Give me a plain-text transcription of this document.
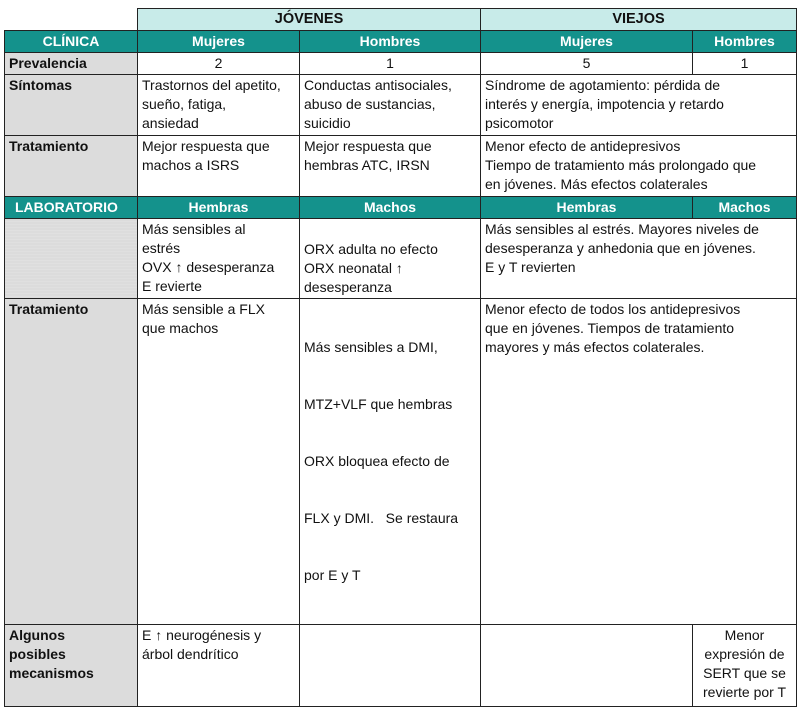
	JÓVENES		VIEJOS	
CLÍNICA	Mujeres	Hombres	Mujeres	Hombres
Prevalencia	2	1	5	1
Síntomas	Trastornos del apetito,
sueño, fatiga,
ansiedad	Conductas antisociales,
abuso de sustancias,
suicidio	Síndrome de agotamiento: pérdida de
interés y energía, impotencia y retardo
psicomotor	

Tratamiento	Mejor respuesta que
machos a ISRS	Mejor respuesta que
hembras ATC, IRSN	Menor efecto de antidepresivos
Tiempo de tratamiento más prolongado que
en jóvenes. Más efectos colaterales	

LABORATORIO	Hembras	Machos	Hembras	Machos

	Más sensibles al
estrés
OVX ↑ desesperanza
E revierte	ORX adulta no efecto
ORX neonatal ↑
desesperanza	Más sensibles al estrés. Mayores niveles de
desesperanza y anhedonia que en jóvenes.
E y T revierten	

Tratamiento	Más sensible a FLX
que machos	Más sensibles a DMI,

MTZ+VLF que hembras

ORX bloquea efecto de

FLX y DMI.   Se restaura

por E y T	Menor efecto de todos los antidepresivos
que en jóvenes. Tiempos de tratamiento
mayores y más efectos colaterales.	

Algunos
posibles
mecanismos	E ↑ neurogénesis y
árbol dendrítico			Menor
expresión de
SERT que se
revierte por T
